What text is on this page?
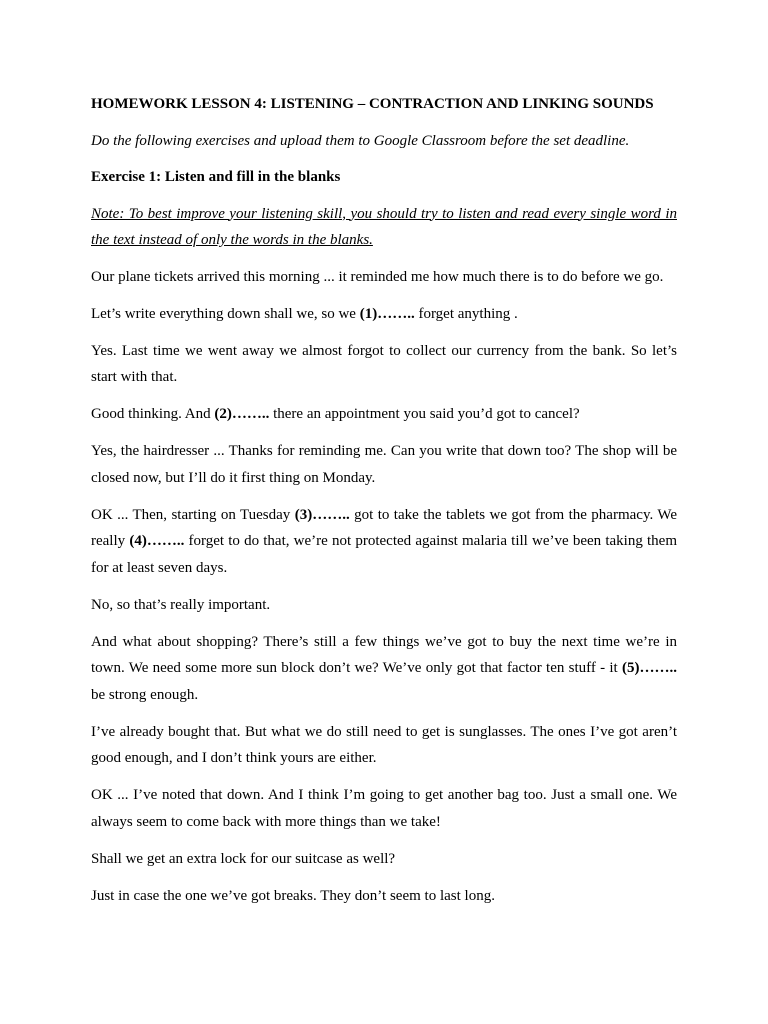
HOMEWORK LESSON 4: LISTENING – CONTRACTION AND LINKING SOUNDS

Do the following exercises and upload them to Google Classroom before the set deadline.

Exercise 1: Listen and fill in the blanks

Note: To best improve your listening skill, you should try to listen and read every single word in the text instead of only the words in the blanks.

Our plane tickets arrived this morning ... it reminded me how much there is to do before we go.

Let’s write everything down shall we, so we (1)…….. forget anything .

Yes. Last time we went away we almost forgot to collect our currency from the bank. So let’s start with that.

Good thinking. And (2)…….. there an appointment you said you’d got to cancel?

Yes, the hairdresser ... Thanks for reminding me. Can you write that down too? The shop will be closed now, but I’ll do it first thing on Monday.

OK ... Then, starting on Tuesday (3)…….. got to take the tablets we got from the pharmacy. We really (4)…….. forget to do that, we’re not protected against malaria till we’ve been taking them for at least seven days.

No, so that’s really important.

And what about shopping? There’s still a few things we’ve got to buy the next time we’re in town. We need some more sun block don’t we? We’ve only got that factor ten stuff - it (5)…….. be strong enough.

I’ve already bought that. But what we do still need to get is sunglasses. The ones I’ve got aren’t good enough, and I don’t think yours are either.

OK ... I’ve noted that down. And I think I’m going to get another bag too. Just a small one. We always seem to come back with more things than we take!

Shall we get an extra lock for our suitcase as well?

Just in case the one we’ve got breaks. They don’t seem to last long.
